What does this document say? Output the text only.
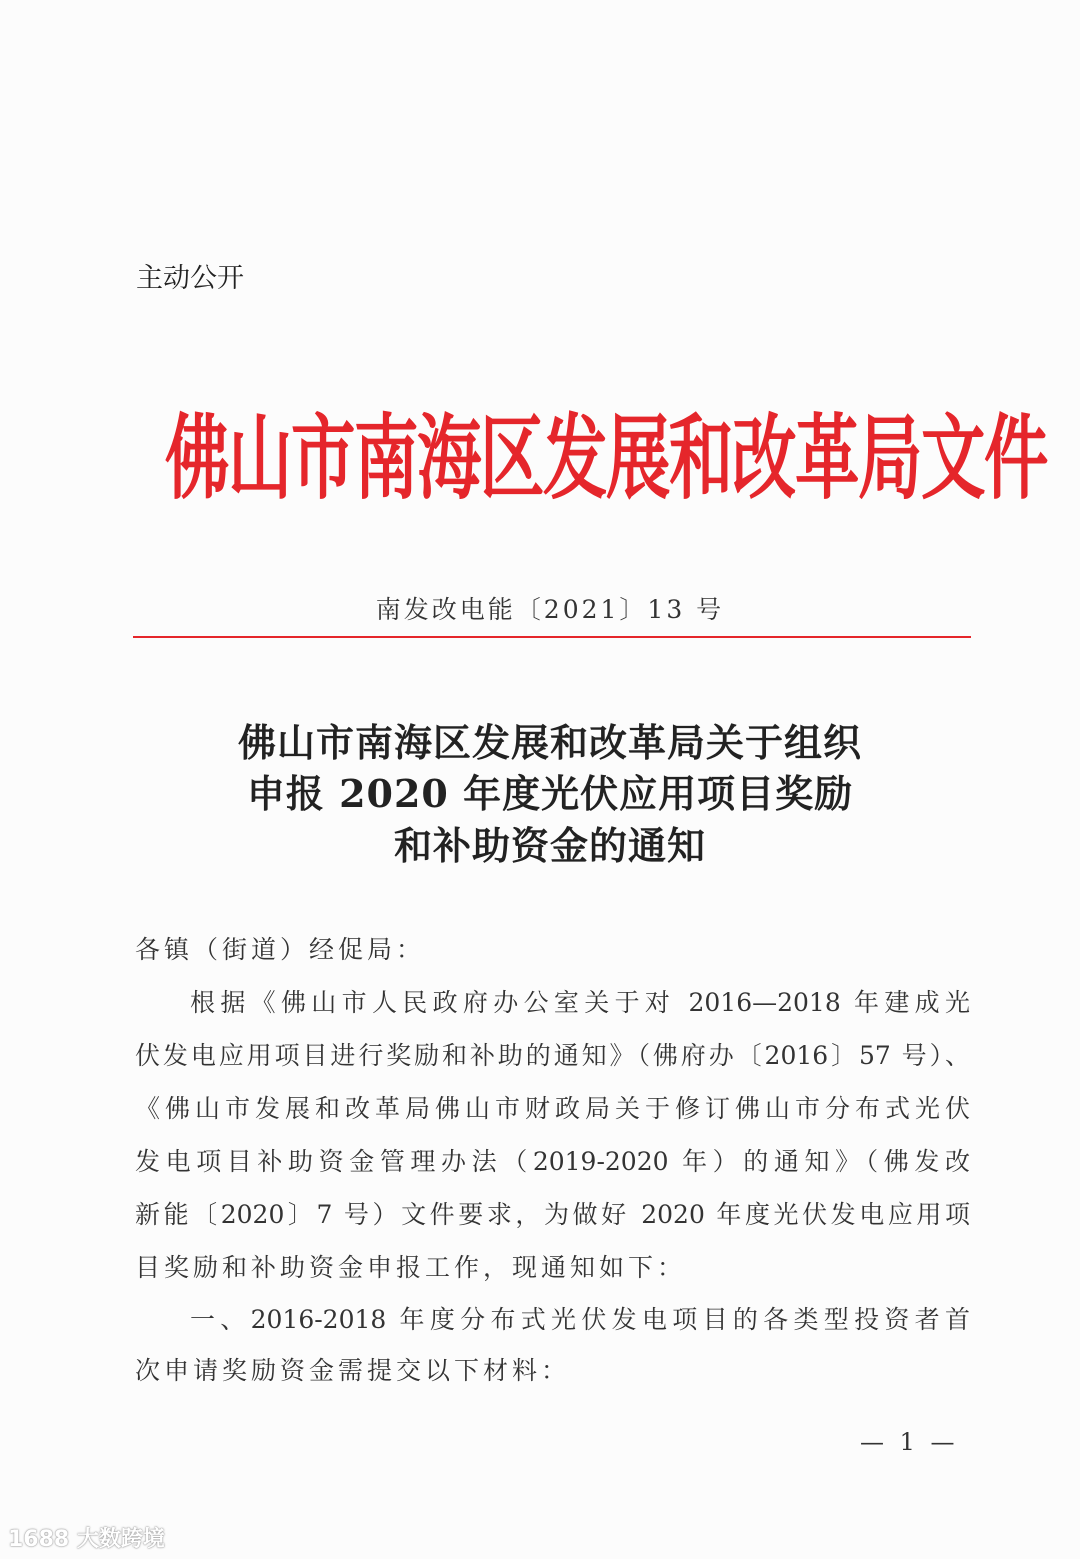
主动公开
佛山市南海区发展和改革局文件
南发改电能〔2021〕13 号
佛山市南海区发展和改革局关于组织
申报 2020 年度光伏应用项目奖励
和补助资金的通知
各镇（街道）经促局：
根据《佛山市人民政府办公室关于对 2016—2018 年建成光
伏发电应用项目进行奖励和补助的通知》（佛府办〔2016〕57 号）、
《佛山市发展和改革局佛山市财政局关于修订佛山市分布式光伏
发电项目补助资金管理办法（2019-2020 年）的通知》（佛发改
新能〔2020〕7 号）文件要求，为做好 2020 年度光伏发电应用项
目奖励和补助资金申报工作，现通知如下：
一、2016-2018 年度分布式光伏发电项目的各类型投资者首
次申请奖励资金需提交以下材料：
— 1 —
1688 大数跨境
